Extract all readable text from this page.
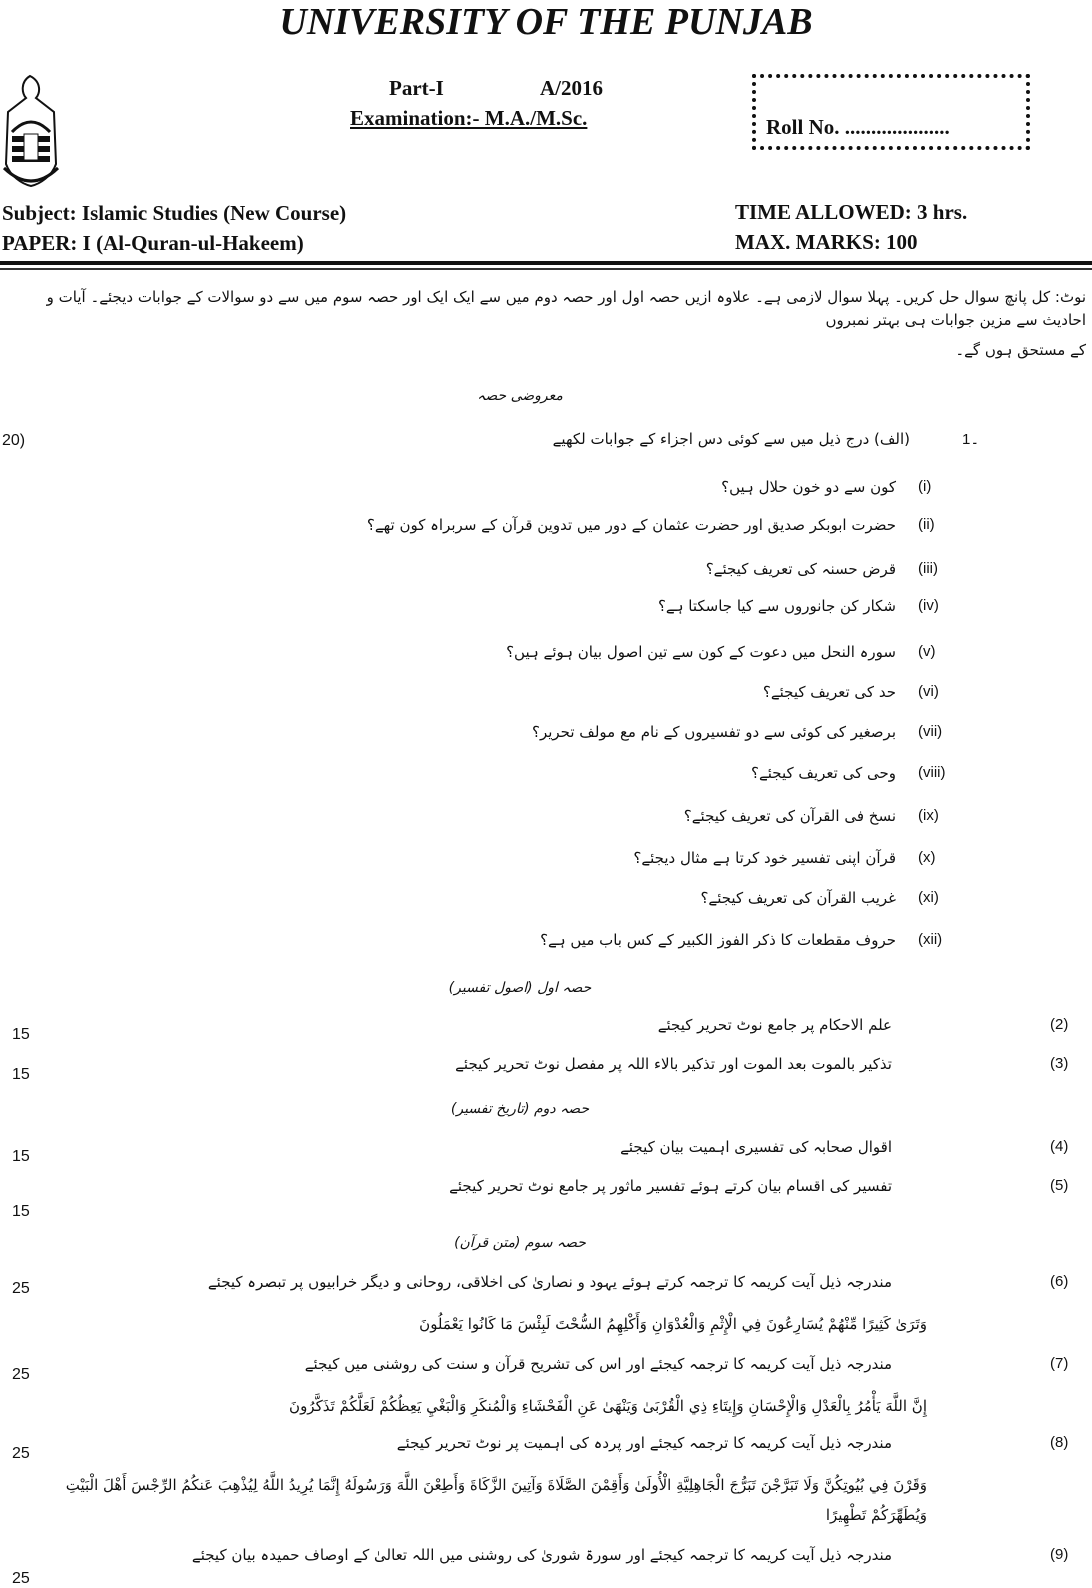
UNIVERSITY OF THE PUNJAB
Part-I	A/2016
Examination:- M.A./M.Sc.	Roll No. ....................
Subject: Islamic Studies (New Course)
PAPER: I (Al-Quran-ul-Hakeem)
TIME ALLOWED: 3 hrs.
MAX. MARKS: 100
نوٹ: کل پانچ سوال حل کریں۔ پہلا سوال لازمی ہے۔ علاوہ ازیں حصہ اول اور حصہ دوم میں سے ایک ایک اور حصہ سوم میں سے دو سوالات کے جوابات دیجئے۔ آیات و احادیث سے مزین جوابات ہی بہتر نمبروں
کے مستحق ہوں گے۔
معروضی حصہ
1۔
(الف) درج ذیل میں سے کوئی دس اجزاء کے جوابات لکھیے
20)
(i)
کون سے دو خون حلال ہیں؟
(ii)
حضرت ابوبکر صدیق اور حضرت عثمان کے دور میں تدوین قرآن کے سربراہ کون تھے؟
(iii)
قرض حسنہ کی تعریف کیجئے؟
(iv)
شکار کن جانوروں سے کیا جاسکتا ہے؟
(v)
سورہ النحل میں دعوت کے کون سے تین اصول بیان ہوئے ہیں؟
(vi)
حد کی تعریف کیجئے؟
(vii)
برصغیر کی کوئی سے دو تفسیروں کے نام مع مولف تحریر؟
(viii)
وحی کی تعریف کیجئے؟
(ix)
نسخ فی القرآن کی تعریف کیجئے؟
(x)
قرآن اپنی تفسیر خود کرتا ہے مثال دیجئے؟
(xi)
غریب القرآن کی تعریف کیجئے؟
(xii)
حروف مقطعات کا ذکر الفوز الکبیر کے کس باب میں ہے؟
حصہ اول (اصول تفسیر)
(2)
علم الاحکام پر جامع نوٹ تحریر کیجئے
15
(3)
تذکیر بالموت بعد الموت اور تذکیر بالاء اللہ پر مفصل نوٹ تحریر کیجئے
15
حصہ دوم (تاریخ تفسیر)
(4)
اقوال صحابہ کی تفسیری اہمیت بیان کیجئے
15
(5)
تفسیر کی اقسام بیان کرتے ہوئے تفسیر ماثور پر جامع نوٹ تحریر کیجئے
15
حصہ سوم (متن قرآن)
(6)
مندرجہ ذیل آیت کریمہ کا ترجمہ کرتے ہوئے یہود و نصاریٰ کی اخلاقی، روحانی و دیگر خرابیوں پر تبصرہ کیجئے
25
وَتَرَىٰ كَثِيرًا مِّنْهُمْ يُسَارِعُونَ فِي الْإِثْمِ وَالْعُدْوَانِ وَأَكْلِهِمُ السُّحْتَ لَبِئْسَ مَا كَانُوا يَعْمَلُونَ
(7)
مندرجہ ذیل آیت کریمہ کا ترجمہ کیجئے اور اس کی تشریح قرآن و سنت کی روشنی میں کیجئے
25
إِنَّ اللَّهَ يَأْمُرُ بِالْعَدْلِ وَالْإِحْسَانِ وَإِيتَاءِ ذِي الْقُرْبَىٰ وَيَنْهَىٰ عَنِ الْفَحْشَاءِ وَالْمُنكَرِ وَالْبَغْيِ يَعِظُكُمْ لَعَلَّكُمْ تَذَكَّرُونَ
(8)
مندرجہ ذیل آیت کریمہ کا ترجمہ کیجئے اور پردہ کی اہمیت پر نوٹ تحریر کیجئے
25
وَقَرْنَ فِي بُيُوتِكُنَّ وَلَا تَبَرَّجْنَ تَبَرُّجَ الْجَاهِلِيَّةِ الْأُولَىٰ وَأَقِمْنَ الصَّلَاةَ وَآتِينَ الزَّكَاةَ وَأَطِعْنَ اللَّهَ وَرَسُولَهُ إِنَّمَا يُرِيدُ اللَّهُ لِيُذْهِبَ عَنكُمُ الرِّجْسَ أَهْلَ الْبَيْتِ
وَيُطَهِّرَكُمْ تَطْهِيرًا
(9)
مندرجہ ذیل آیت کریمہ کا ترجمہ کیجئے اور سورۃ شوریٰ کی روشنی میں اللہ تعالیٰ کے اوصاف حمیدہ بیان کیجئے
25
